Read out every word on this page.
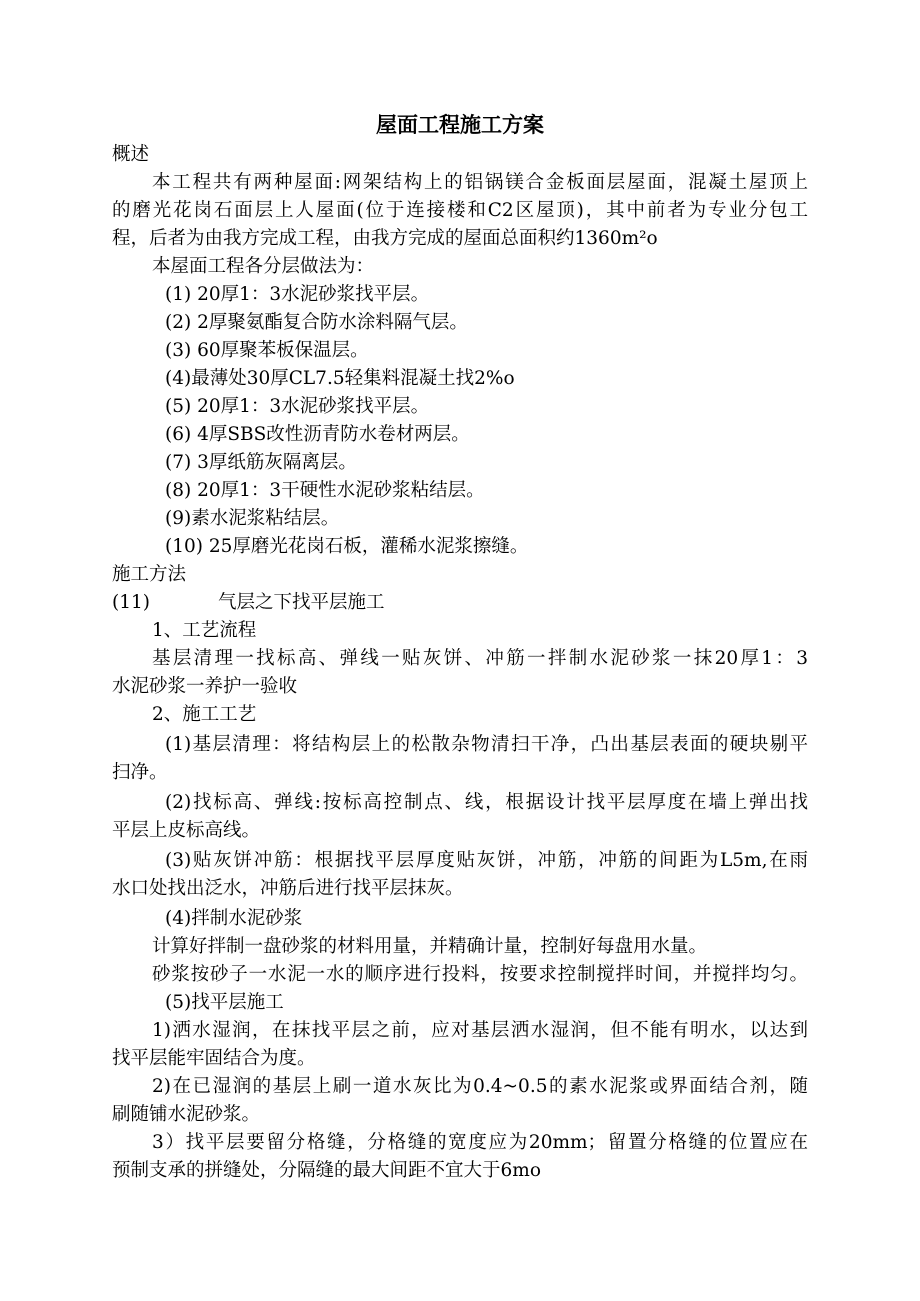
屋面工程施工方案
概述
本工程共有两种屋面:网架结构上的铝锅镁合金板面层屋面，混凝土屋顶上
的磨光花岗石面层上人屋面(位于连接楼和C2区屋顶)，其中前者为专业分包工
程，后者为由我方完成工程，由我方完成的屋面总面积约1360m²o
本屋面工程各分层做法为：
(1) 20厚1：3水泥砂浆找平层。
(2) 2厚聚氨酯复合防水涂料隔气层。
(3) 60厚聚苯板保温层。
(4)最薄处30厚CL7.5轻集料混凝土找2%o
(5) 20厚1：3水泥砂浆找平层。
(6) 4厚SBS改性沥青防水卷材两层。
(7) 3厚纸筋灰隔离层。
(8) 20厚1：3干硬性水泥砂浆粘结层。
(9)素水泥浆粘结层。
(10) 25厚磨光花岗石板，灌稀水泥浆擦缝。
施工方法
(11)	气层之下找平层施工
1、工艺流程
基层清理一找标高、弹线一贴灰饼、冲筋一拌制水泥砂浆一抹20厚1：3
水泥砂浆一养护一验收
2、施工工艺
(1)基层清理：将结构层上的松散杂物清扫干净，凸出基层表面的硬块剔平
扫净。
(2)找标高、弹线:按标高控制点、线，根据设计找平层厚度在墙上弹出找
平层上皮标高线。
(3)贴灰饼冲筋：根据找平层厚度贴灰饼，冲筋，冲筋的间距为L5m,在雨
水口处找出泛水，冲筋后进行找平层抹灰。
(4)拌制水泥砂浆
计算好拌制一盘砂浆的材料用量，并精确计量，控制好每盘用水量。
砂浆按砂子一水泥一水的顺序进行投料，按要求控制搅拌时间，并搅拌均匀。
(5)找平层施工
1)洒水湿润，在抹找平层之前，应对基层洒水湿润，但不能有明水，以达到
找平层能牢固结合为度。
2)在已湿润的基层上刷一道水灰比为0.4~0.5的素水泥浆或界面结合剂，随
刷随铺水泥砂浆。
3）找平层要留分格缝，分格缝的宽度应为20mm；留置分格缝的位置应在
预制支承的拼缝处，分隔缝的最大间距不宜大于6mo
